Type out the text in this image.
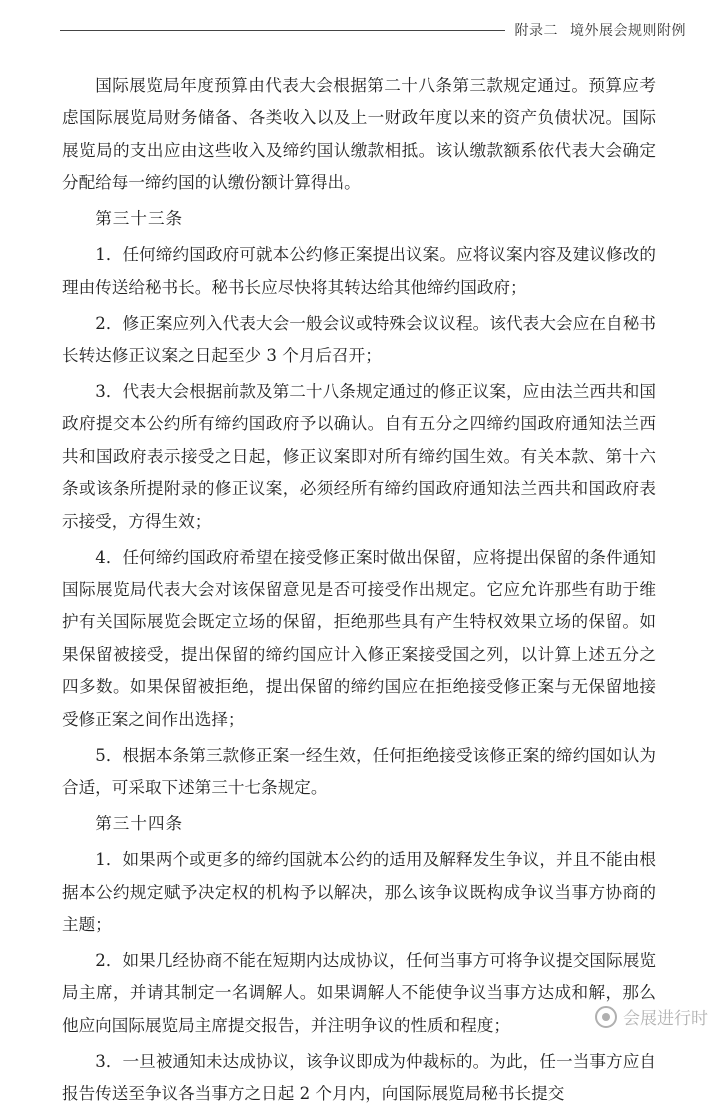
附录二 境外展会规则附例

国际展览局年度预算由代表大会根据第二十八条第三款规定通过。预算应考虑国际展览局财务储备、各类收入以及上一财政年度以来的资产负债状况。国际展览局的支出应由这些收入及缔约国认缴款相抵。该认缴款额系依代表大会确定分配给每一缔约国的认缴份额计算得出。

第三十三条

1．任何缔约国政府可就本公约修正案提出议案。应将议案内容及建议修改的理由传送给秘书长。秘书长应尽快将其转达给其他缔约国政府；

2．修正案应列入代表大会一般会议或特殊会议议程。该代表大会应在自秘书长转达修正议案之日起至少 3 个月后召开；

3．代表大会根据前款及第二十八条规定通过的修正议案，应由法兰西共和国政府提交本公约所有缔约国政府予以确认。自有五分之四缔约国政府通知法兰西共和国政府表示接受之日起，修正议案即对所有缔约国生效。有关本款、第十六条或该条所提附录的修正议案，必须经所有缔约国政府通知法兰西共和国政府表示接受，方得生效；

4．任何缔约国政府希望在接受修正案时做出保留，应将提出保留的条件通知国际展览局代表大会对该保留意见是否可接受作出规定。它应允许那些有助于维护有关国际展览会既定立场的保留，拒绝那些具有产生特权效果立场的保留。如果保留被接受，提出保留的缔约国应计入修正案接受国之列，以计算上述五分之四多数。如果保留被拒绝，提出保留的缔约国应在拒绝接受修正案与无保留地接受修正案之间作出选择；

5．根据本条第三款修正案一经生效，任何拒绝接受该修正案的缔约国如认为合适，可采取下述第三十七条规定。

第三十四条

1．如果两个或更多的缔约国就本公约的适用及解释发生争议，并且不能由根据本公约规定赋予决定权的机构予以解决，那么该争议既构成争议当事方协商的主题；

2．如果几经协商不能在短期内达成协议，任何当事方可将争议提交国际展览局主席，并请其制定一名调解人。如果调解人不能使争议当事方达成和解，那么他应向国际展览局主席提交报告，并注明争议的性质和程度；

3．一旦被通知未达成协议，该争议即成为仲裁标的。为此，任一当事方应自报告传送至争议各当事方之日起 2 个月内，向国际展览局秘书长提交

会展进行时
